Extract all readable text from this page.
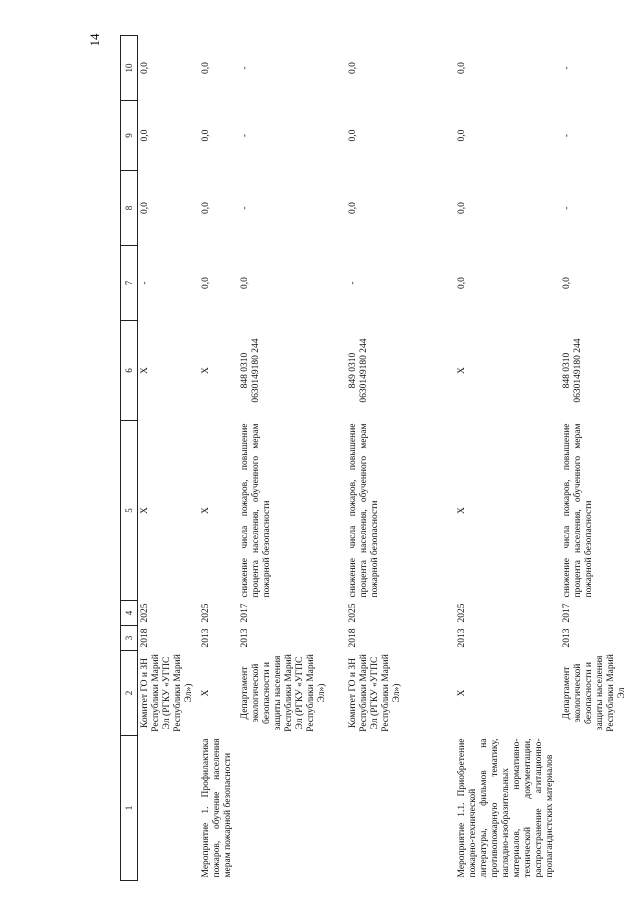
14
1	2	3	4	5	6	7	8	9	10
	Комитет ГО и ЗН Республики Марий Эл (РГКУ «УГПС Республики Марий Эл»)	2018	2025	X	X	-	0,0	0,0	0,0
Мероприятие 1. Профилактика пожаров, обучение населения мерам пожарной безопасности	X	2013	2025	X	X	0,0	0,0	0,0	0,0
	Департамент экологической безопасности и защиты населения Республики Марий Эл (РГКУ «УГПС Республики Марий Эл»)	2013	2017	снижение числа пожаров, повышение процента населения, обученного мерам пожарной безопасности	848 0310 0630149180 244	0,0	-	-	-
	Комитет ГО и ЗН Республики Марий Эл (РГКУ «УГПС Республики Марий Эл»)	2018	2025	снижение числа пожаров, повышение процента населения, обученного мерам пожарной безопасности	849 0310 0630149180 244	-	0,0	0,0	0,0
Мероприятие 1.1. Приобретение пожарно-технической литературы, фильмов на противопожарную тематику, наглядно-изобразительных материалов, нормативно-технической документации, распространение агитационно-пропагандистских материалов	X	2013	2025	X	X	0,0	0,0	0,0	0,0
	Департамент экологической безопасности и защиты населения Республики Марий Эл	2013	2017	снижение числа пожаров, повышение процента населения, обученного мерам пожарной безопасности	848 0310 0630149180 244	0,0	-	-	-
